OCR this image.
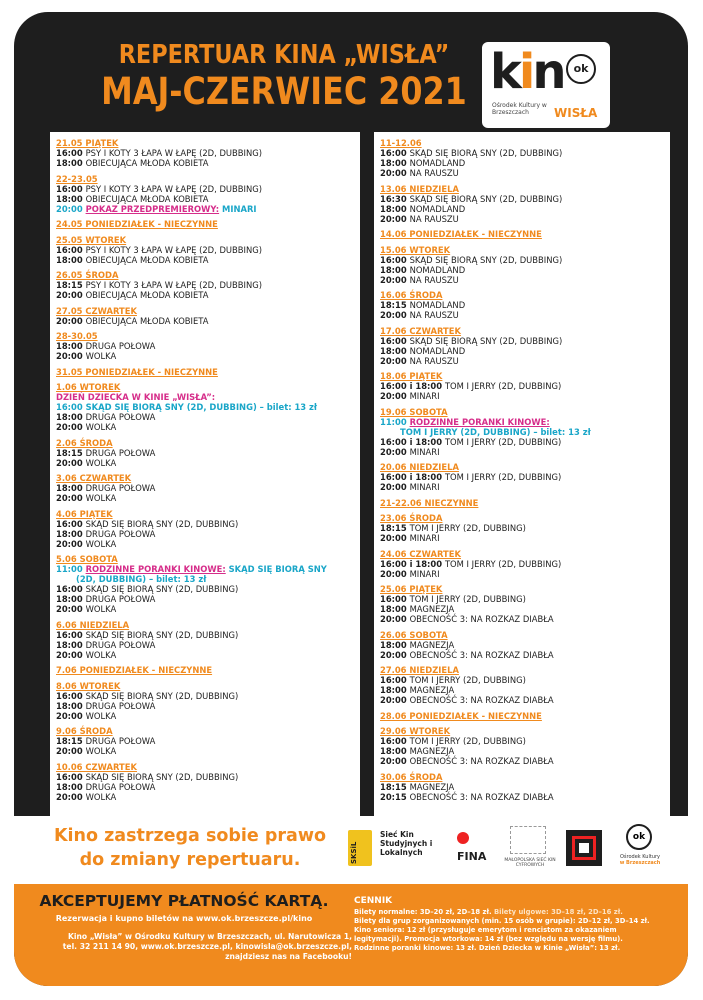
REPERTUAR KINA „WISŁA”
MAJ-CZERWIEC 2021 kin ok
Ośrodek Kultury w Brzeszczach	WISŁA
21.05 PIĄTEK
16:00 PSY I KOTY 3 ŁAPA W ŁAPĘ (2D, DUBBING)
18:00 OBIECUJĄCA MŁODA KOBIETA
22-23.05
16:00 PSY I KOTY 3 ŁAPA W ŁAPĘ (2D, DUBBING)
18:00 OBIECUJĄCA MŁODA KOBIETA
20:00 POKAZ PRZEDPREMIEROWY: MINARI
24.05 PONIEDZIAŁEK - NIECZYNNE
25.05 WTOREK
16:00 PSY I KOTY 3 ŁAPA W ŁAPĘ (2D, DUBBING)
18:00 OBIECUJĄCA MŁODA KOBIETA
26.05 ŚRODA
18:15 PSY I KOTY 3 ŁAPA W ŁAPĘ (2D, DUBBING)
20:00 OBIECUJĄCA MŁODA KOBIETA
27.05 CZWARTEK
20:00 OBIECUJĄCA MŁODA KOBIETA
28-30.05
18:00 DRUGA POŁOWA
20:00 WOLKA
31.05 PONIEDZIAŁEK - NIECZYNNE
1.06 WTOREK
DZIEŃ DZIECKA W KINIE „WISŁA”:
16:00 SKĄD SIĘ BIORĄ SNY (2D, DUBBING) – bilet: 13 zł
18:00 DRUGA POŁOWA
20:00 WOLKA
2.06 ŚRODA
18:15 DRUGA POŁOWA
20:00 WOLKA
3.06 CZWARTEK
18:00 DRUGA POŁOWA
20:00 WOLKA
4.06 PIĄTEK
16:00 SKĄD SIĘ BIORĄ SNY (2D, DUBBING)
18:00 DRUGA POŁOWA
20:00 WOLKA
5.06 SOBOTA
11:00 RODZINNE PORANKI KINOWE: SKĄD SIĘ BIORĄ SNY
(2D, DUBBING) – bilet: 13 zł
16:00 SKĄD SIĘ BIORĄ SNY (2D, DUBBING)
18:00 DRUGA POŁOWA
20:00 WOLKA
6.06 NIEDZIELA
16:00 SKĄD SIĘ BIORĄ SNY (2D, DUBBING)
18:00 DRUGA POŁOWA
20:00 WOLKA
7.06 PONIEDZIAŁEK - NIECZYNNE
8.06 WTOREK
16:00 SKĄD SIĘ BIORĄ SNY (2D, DUBBING)
18:00 DRUGA POŁOWA
20:00 WOLKA
9.06 ŚRODA
18:15 DRUGA POŁOWA
20:00 WOLKA
10.06 CZWARTEK
16:00 SKĄD SIĘ BIORĄ SNY (2D, DUBBING)
18:00 DRUGA POŁOWA
20:00 WOLKA
11-12.06
16:00 SKĄD SIĘ BIORĄ SNY (2D, DUBBING)
18:00 NOMADLAND
20:00 NA RAUSZU
13.06 NIEDZIELA
16:30 SKĄD SIĘ BIORĄ SNY (2D, DUBBING)
18:00 NOMADLAND
20:00 NA RAUSZU
14.06 PONIEDZIAŁEK - NIECZYNNE
15.06 WTOREK
16:00 SKĄD SIĘ BIORĄ SNY (2D, DUBBING)
18:00 NOMADLAND
20:00 NA RAUSZU
16.06 ŚRODA
18:15 NOMADLAND
20:00 NA RAUSZU
17.06 CZWARTEK
16:00 SKĄD SIĘ BIORĄ SNY (2D, DUBBING)
18:00 NOMADLAND
20:00 NA RAUSZU
18.06 PIĄTEK
16:00 i 18:00 TOM I JERRY (2D, DUBBING)
20:00 MINARI
19.06 SOBOTA
11:00 RODZINNE PORANKI KINOWE:
TOM I JERRY (2D, DUBBING) – bilet: 13 zł
16:00 i 18:00 TOM I JERRY (2D, DUBBING)
20:00 MINARI
20.06 NIEDZIELA
16:00 i 18:00 TOM I JERRY (2D, DUBBING)
20:00 MINARI
21-22.06 NIECZYNNE
23.06 ŚRODA
18:15 TOM I JERRY (2D, DUBBING)
20:00 MINARI
24.06 CZWARTEK
16:00 i 18:00 TOM I JERRY (2D, DUBBING)
20:00 MINARI
25.06 PIĄTEK
16:00 TOM I JERRY (2D, DUBBING)
18:00 MAGNEZJA
20:00 OBECNOŚĆ 3: NA ROZKAZ DIABŁA
26.06 SOBOTA
18:00 MAGNEZJA
20:00 OBECNOŚĆ 3: NA ROZKAZ DIABŁA
27.06 NIEDZIELA
16:00 TOM I JERRY (2D, DUBBING)
18:00 MAGNEZJA
20:00 OBECNOŚĆ 3: NA ROZKAZ DIABŁA
28.06 PONIEDZIAŁEK - NIECZYNNE
29.06 WTOREK
16:00 TOM I JERRY (2D, DUBBING)
18:00 MAGNEZJA
20:00 OBECNOŚĆ 3: NA ROZKAZ DIABŁA
30.06 ŚRODA
18:15 MAGNEZJA
20:15 OBECNOŚĆ 3: NA ROZKAZ DIABŁA
Kino zastrzega sobie prawo
do zmiany repertuaru.	SKSiL
Sieć Kin Studyjnych i Lokalnych	FINA	MAŁOPOLSKA SIEĆ KIN CYFROWYCH
ok
Ośrodek Kultury
w Brzeszczach
AKCEPTUJEMY PŁATNOŚĆ KARTĄ.
Rezerwacja i kupno biletów na www.ok.brzeszcze.pl/kino
Kino „Wisła” w Ośrodku Kultury w Brzeszczach, ul. Narutowicza 1,
tel. 32 211 14 90, www.ok.brzeszcze.pl, kinowisla@ok.brzeszcze.pl,
znajdziesz nas na Facebooku!
CENNIK
Bilety normalne: 3D–20 zł, 2D–18 zł. Bilety ulgowe: 3D–18 zł, 2D–16 zł.
Bilety dla grup zorganizowanych (min. 15 osób w grupie): 2D–12 zł, 3D–14 zł.
Kino seniora: 12 zł (przysługuje emerytom i rencistom za okazaniem
legitymacji). Promocja wtorkowa: 14 zł (bez względu na wersję filmu).
Rodzinne poranki kinowe: 13 zł. Dzień Dziecka w Kinie „Wisła”: 13 zł.
